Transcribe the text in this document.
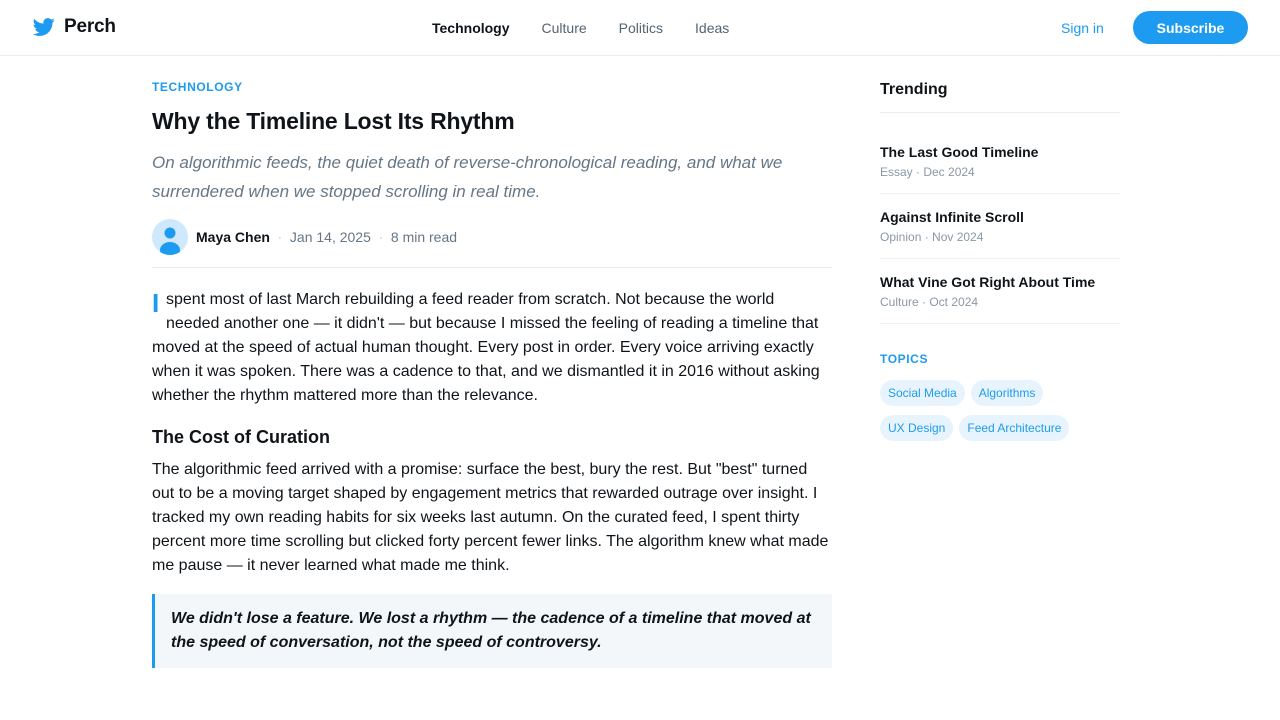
Perch	Technology Culture Politics Ideas	Sign in	Subscribe
TECHNOLOGY
Why the Timeline Lost Its Rhythm

On algorithmic feeds, the quiet death of reverse-chronological reading, and what we surrendered when we stopped scrolling in real time.

Maya Chen · Jan 14, 2025 · 8 min read

I spent most of last March rebuilding a feed reader from scratch. Not because the world needed another one — it didn't — but because I missed the feeling of reading a timeline that moved at the speed of actual human thought. Every post in order. Every voice arriving exactly when it was spoken. There was a cadence to that, and we dismantled it in 2016 without asking whether the rhythm mattered more than the relevance.

The Cost of Curation

The algorithmic feed arrived with a promise: surface the best, bury the rest. But "best" turned out to be a moving target shaped by engagement metrics that rewarded outrage over insight. I tracked my own reading habits for six weeks last autumn. On the curated feed, I spent thirty percent more time scrolling but clicked forty percent fewer links. The algorithm knew what made me pause — it never learned what made me think.

We didn't lose a feature. We lost a rhythm — the cadence of a timeline that moved at the speed of conversation, not the speed of controversy.
Trending
The Last Good Timeline
Essay · Dec 2024
Against Infinite Scroll
Opinion · Nov 2024
What Vine Got Right About Time
Culture · Oct 2024
TOPICS
Social Media Algorithms
UX Design Feed Architecture
